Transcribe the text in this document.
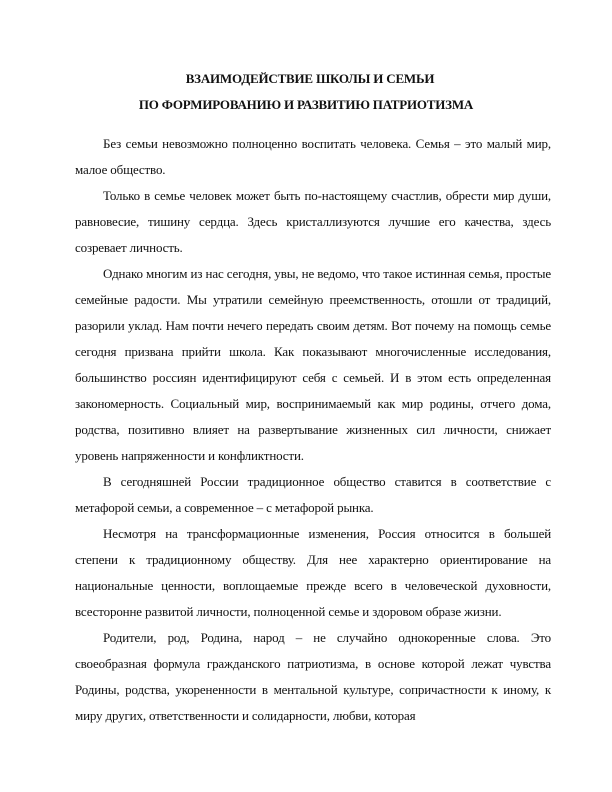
ВЗАИМОДЕЙСТВИЕ ШКОЛЫ И СЕМЬИ
ПО ФОРМИРОВАНИЮ И РАЗВИТИЮ ПАТРИОТИЗМА

Без семьи невозможно полноценно воспитать человека. Семья – это малый мир, малое общество.

Только в семье человек может быть по-настоящему счастлив, обрести мир души, равновесие, тишину сердца. Здесь кристаллизуются лучшие его качества, здесь созревает личность.

Однако многим из нас сегодня, увы, не ведомо, что такое истинная семья, простые семейные радости. Мы утратили семейную преемственность, отошли от традиций, разорили уклад. Нам почти нечего передать своим детям. Вот почему на помощь семье сегодня призвана прийти школа. Как показывают многочисленные исследования, большинство россиян идентифицируют себя с семьей. И в этом есть определенная закономерность. Социальный мир, воспринимаемый как мир родины, отчего дома, родства, позитивно влияет на развертывание жизненных сил личности, снижает уровень напряженности и конфликтности.

В сегодняшней России традиционное общество ставится в соответствие с метафорой семьи, а современное – с метафорой рынка.

Несмотря на трансформационные изменения, Россия относится в большей степени к традиционному обществу. Для нее характерно ориентирование на национальные ценности, воплощаемые прежде всего в человеческой духовности, всесторонне развитой личности, полноценной семье и здоровом образе жизни.

Родители, род, Родина, народ – не случайно однокоренные слова. Это своеобразная формула гражданского патриотизма, в основе которой лежат чувства Родины, родства, укорененности в ментальной культуре, сопричастности к иному, к миру других, ответственности и солидарности, любви, которая
